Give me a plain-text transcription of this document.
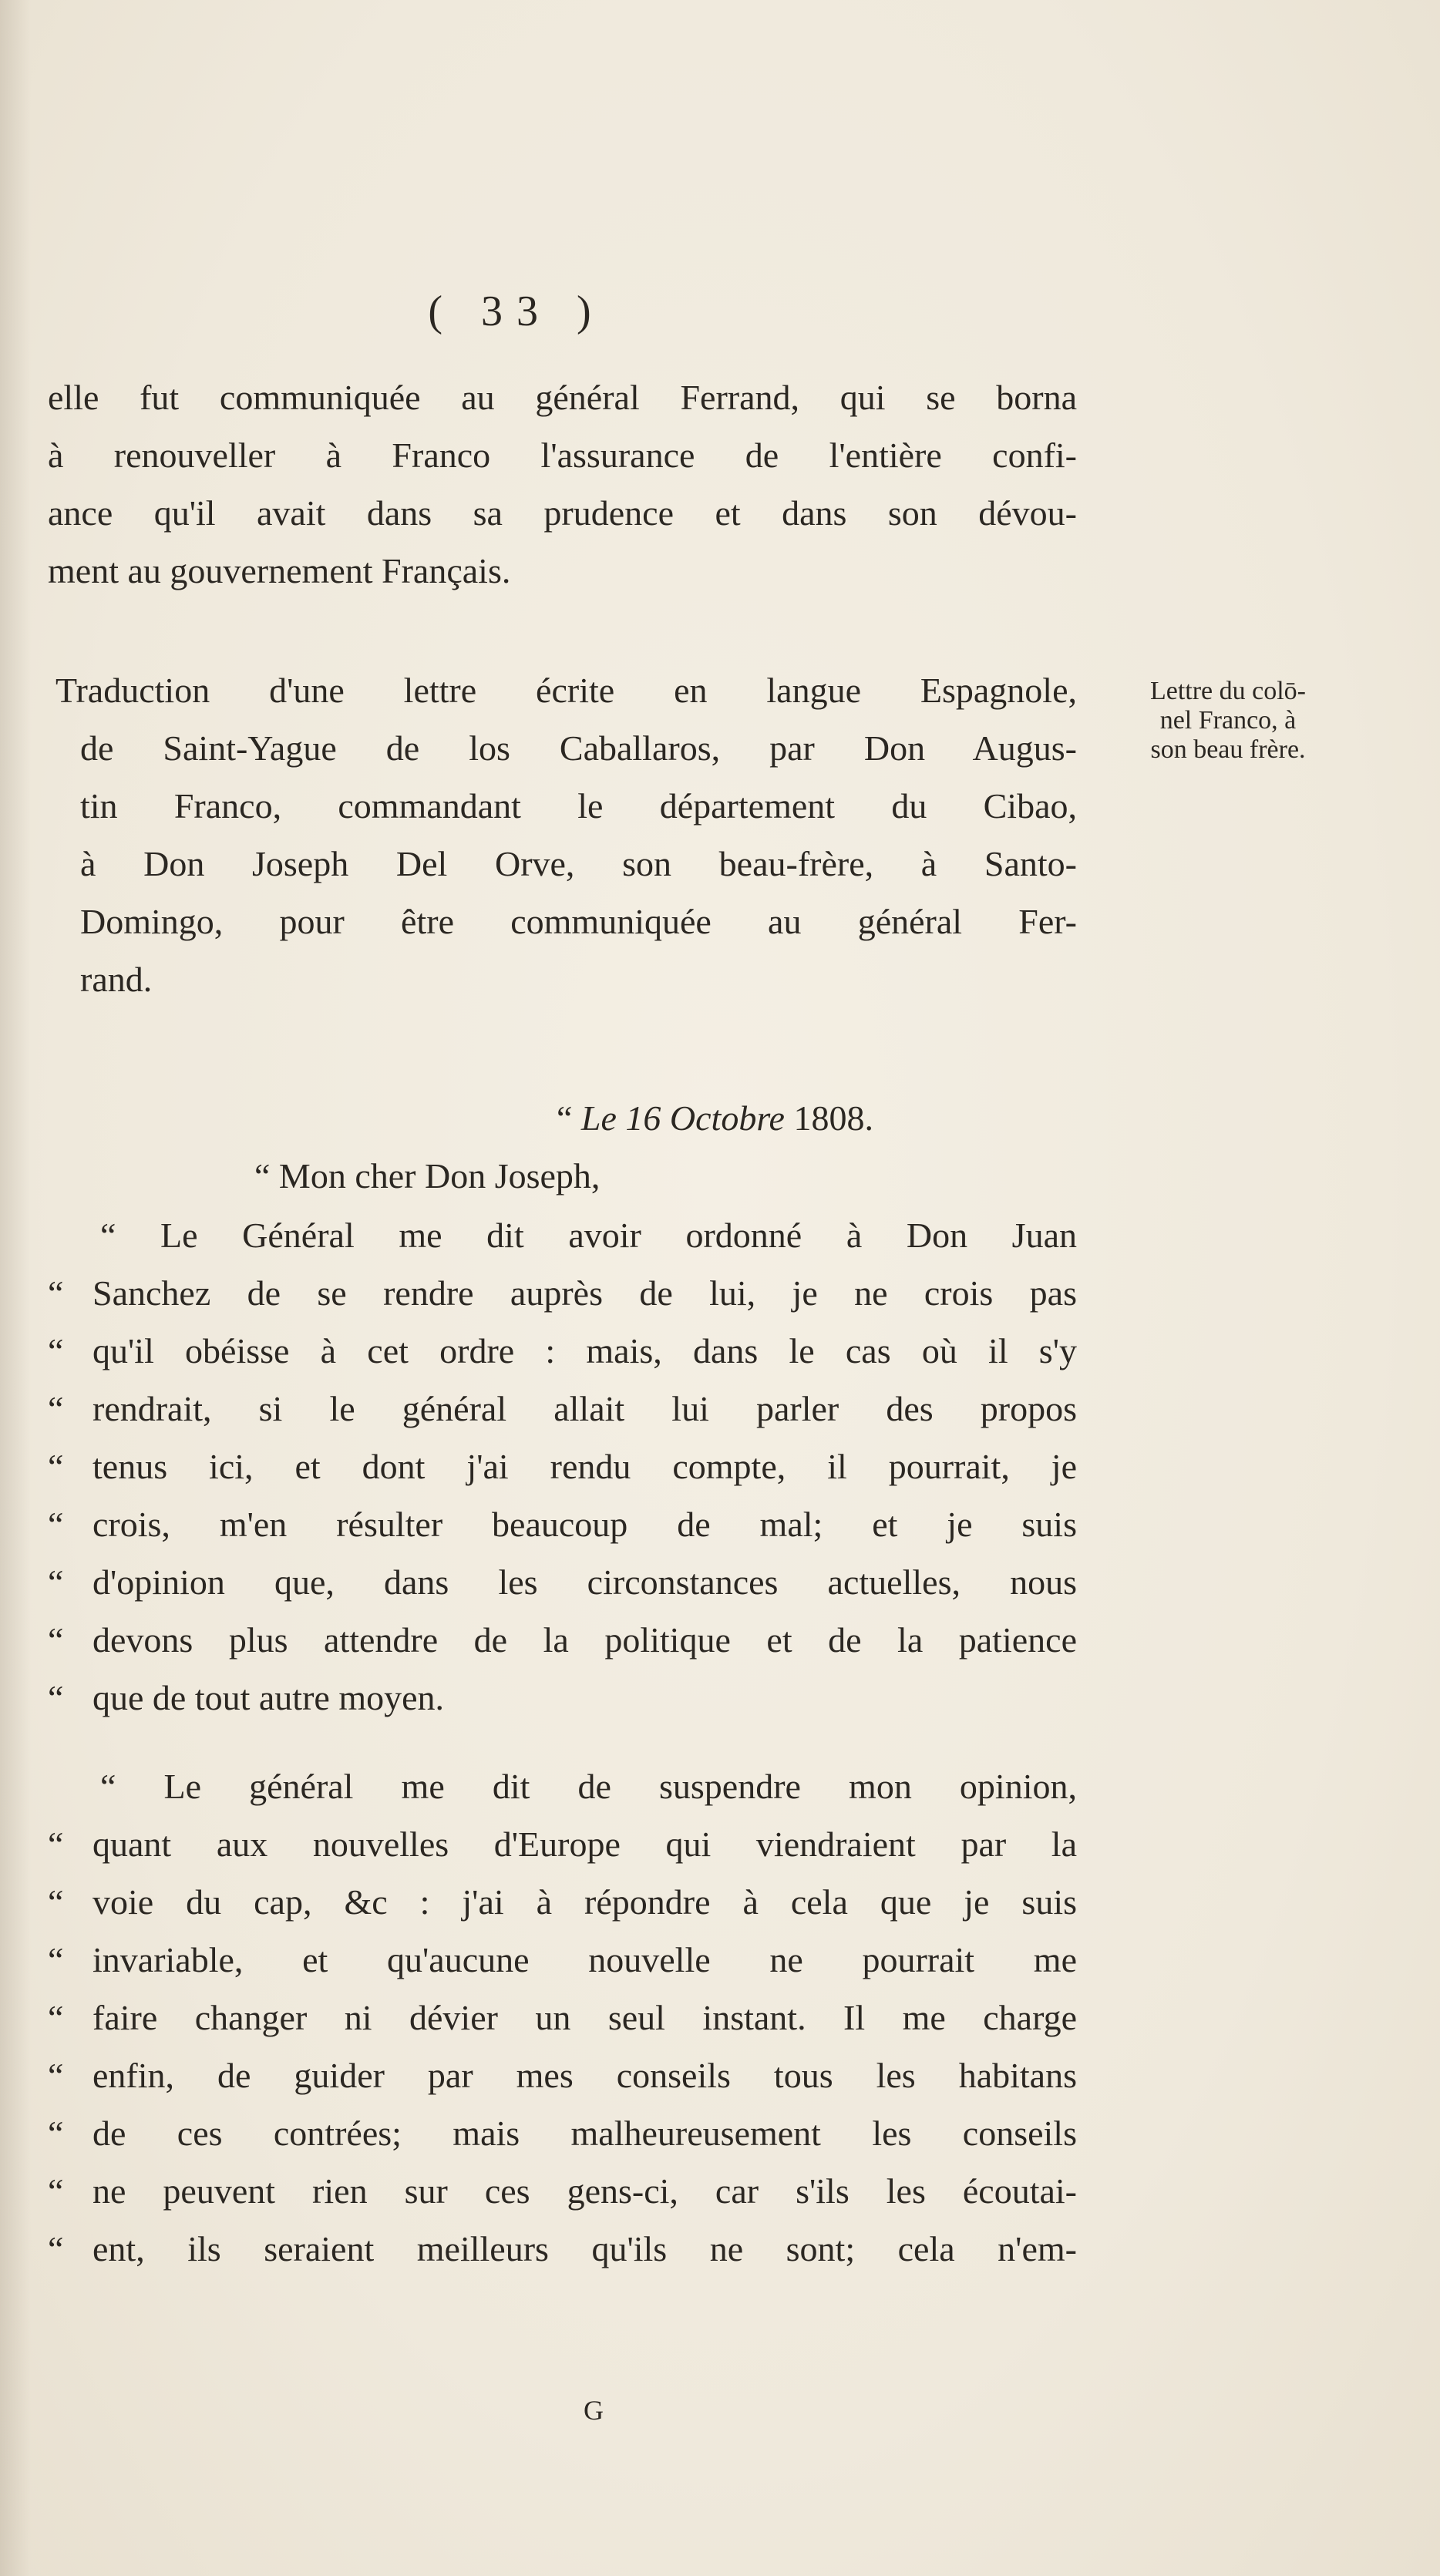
( 33 )
elle fut communiquée au général Ferrand, qui se borna
à renouveller à Franco l'assurance de l'entière confi-
ance qu'il avait dans sa prudence et dans son dévou-
ment au gouvernement Français.
Traduction d'une lettre écrite en langue Espagnole,
de Saint-Yague de los Caballaros, par Don Augus-
tin Franco, commandant le département du Cibao,
à Don Joseph Del Orve, son beau-frère, à Santo-
Domingo, pour être communiquée au général Fer-
rand.
Lettre du colō-
nel Franco, à
son beau frère.
“ Le 16 Octobre 1808.
“ Mon cher Don Joseph,
“ Le Général me dit avoir ordonné à Don Juan
“ Sanchez de se rendre auprès de lui, je ne crois pas
“ qu'il obéisse à cet ordre : mais, dans le cas où il s'y
“ rendrait, si le général allait lui parler des propos
“ tenus ici, et dont j'ai rendu compte, il pourrait, je
“ crois, m'en résulter beaucoup de mal; et je suis
“ d'opinion que, dans les circonstances actuelles, nous
“ devons plus attendre de la politique et de la patience
“ que de tout autre moyen.
“ Le général me dit de suspendre mon opinion,
“ quant aux nouvelles d'Europe qui viendraient par la
“ voie du cap, &c : j'ai à répondre à cela que je suis
“ invariable, et qu'aucune nouvelle ne pourrait me
“ faire changer ni dévier un seul instant. Il me charge
“ enfin, de guider par mes conseils tous les habitans
“ de ces contrées; mais malheureusement les conseils
“ ne peuvent rien sur ces gens-ci, car s'ils les écoutai-
“ ent, ils seraient meilleurs qu'ils ne sont; cela n'em-
G
